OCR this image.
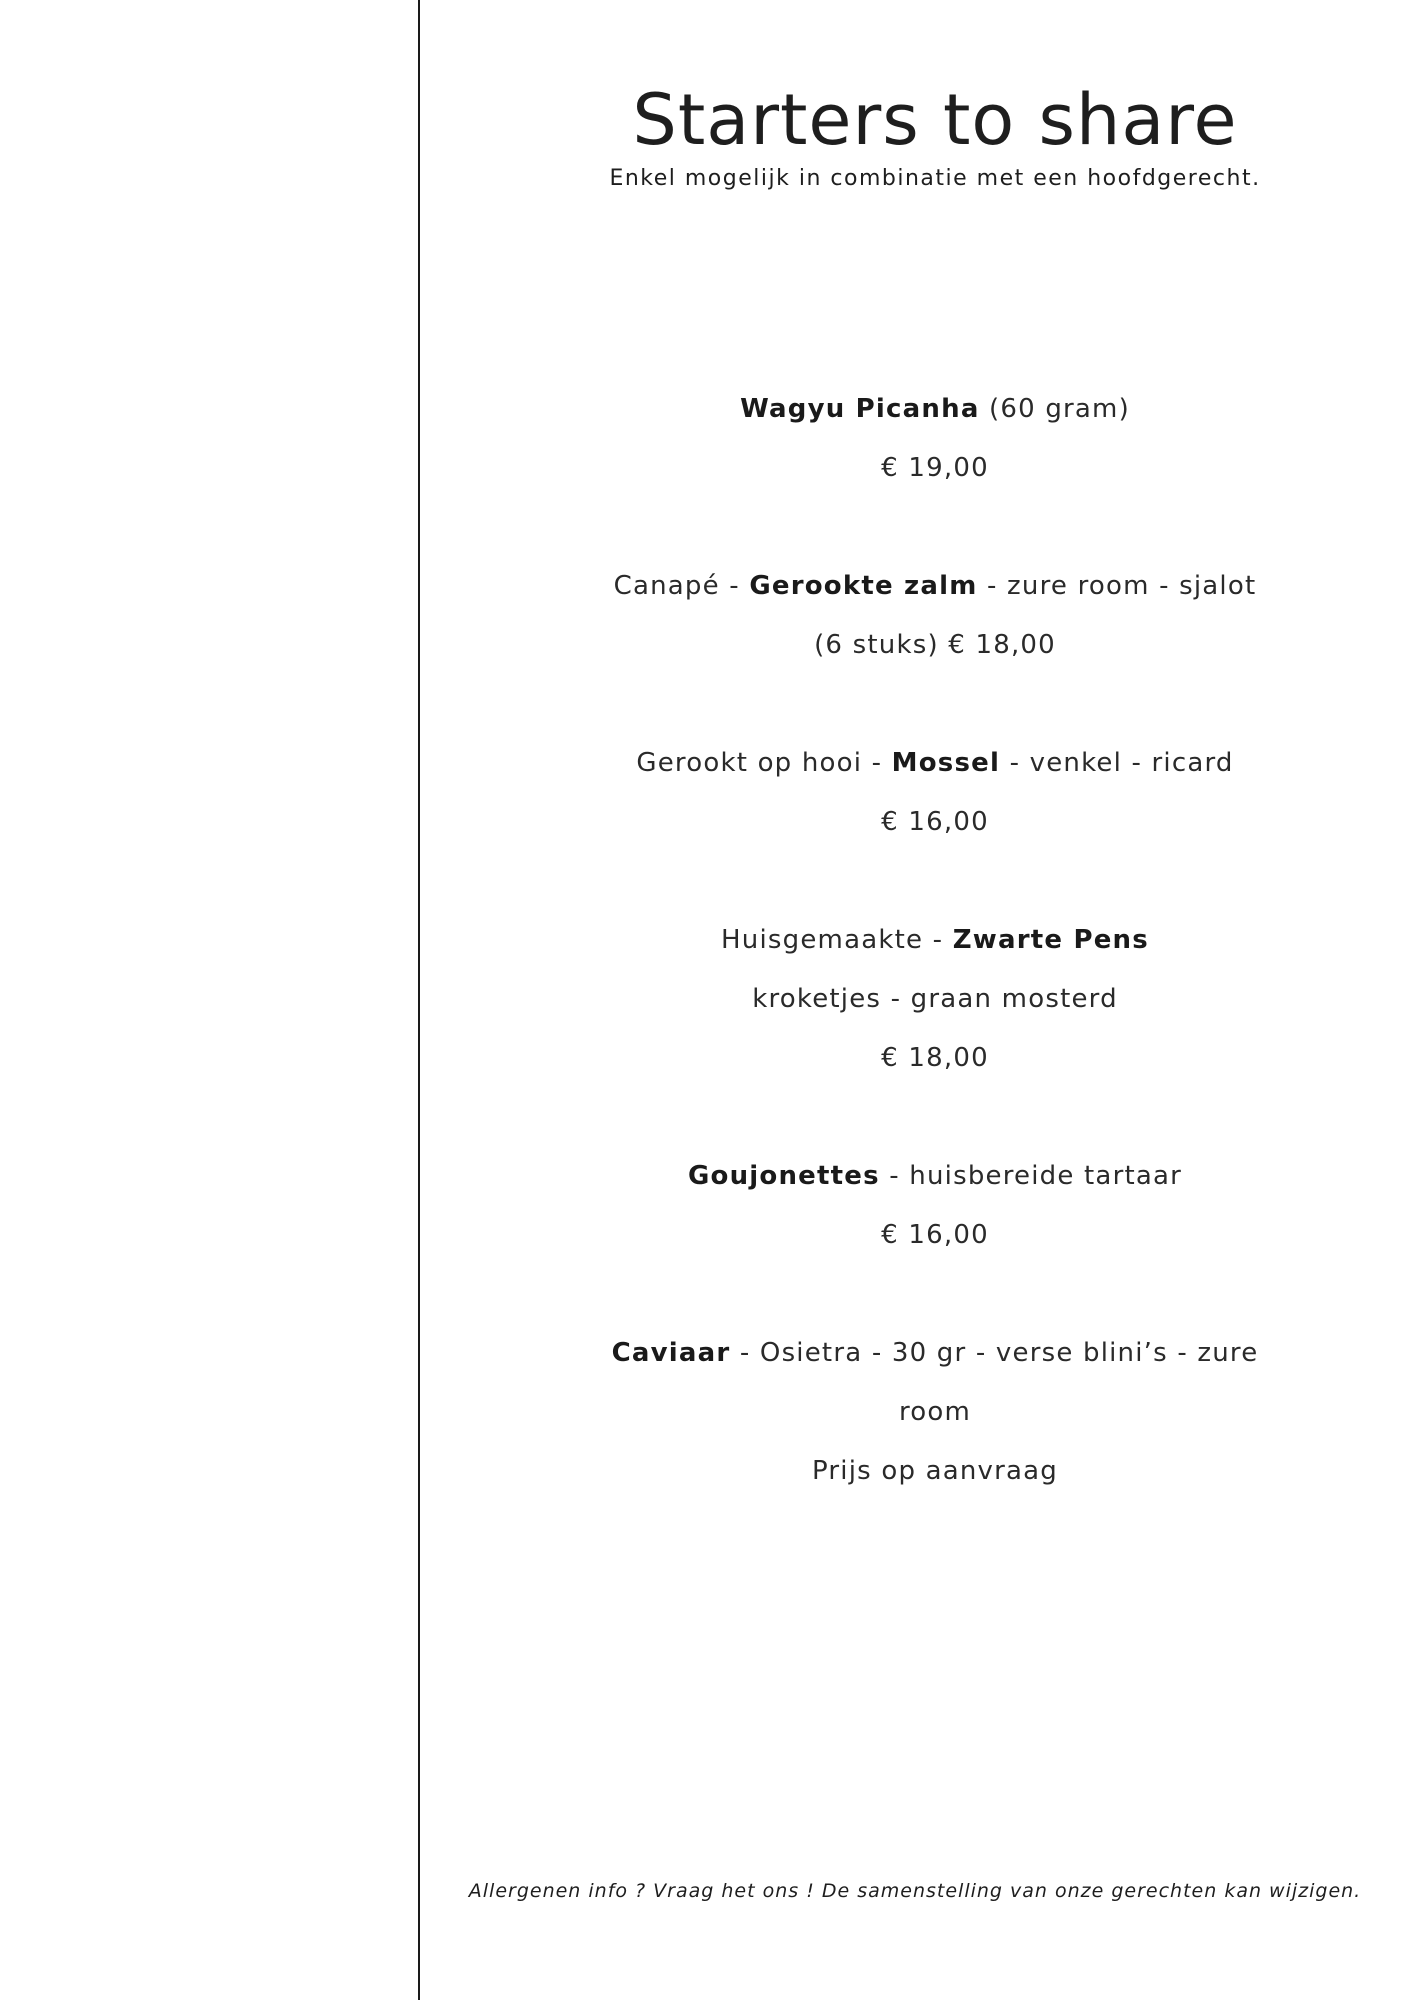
Starters to share
Enkel mogelijk in combinatie met een hoofdgerecht.
Wagyu Picanha (60 gram)
€ 19,00
Canapé - Gerookte zalm - zure room - sjalot
(6 stuks) € 18,00
Gerookt op hooi - Mossel - venkel - ricard
€ 16,00
Huisgemaakte - Zwarte Pens
kroketjes - graan mosterd
€ 18,00
Goujonettes - huisbereide tartaar
€ 16,00
Caviaar - Osietra - 30 gr - verse blini’s - zure
room
Prijs op aanvraag
Allergenen info ? Vraag het ons ! De samenstelling van onze gerechten kan wijzigen.
